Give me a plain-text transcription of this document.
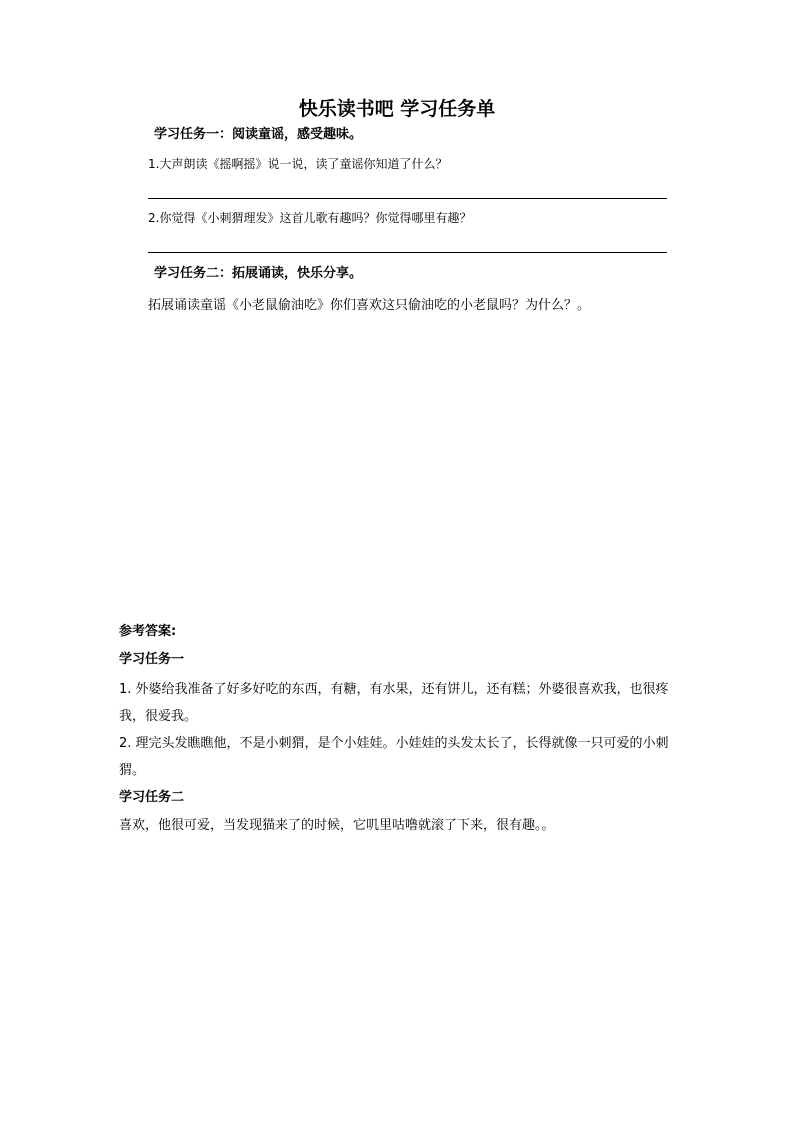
快乐读书吧 学习任务单
学习任务一：阅读童谣，感受趣味。
1.大声朗读《摇啊摇》说一说，读了童谣你知道了什么？
2.你觉得《小刺猬理发》这首儿歌有趣吗？你觉得哪里有趣？
学习任务二：拓展诵读，快乐分享。
拓展诵读童谣《小老鼠偷油吃》你们喜欢这只偷油吃的小老鼠吗？为什么？。
参考答案:
学习任务一
1. 外婆给我准备了好多好吃的东西，有糖，有水果，还有饼儿，还有糕；外婆很喜欢我，也很疼我，很爱我。
2. 理完头发瞧瞧他，不是小刺猬，是个小娃娃。小娃娃的头发太长了，长得就像一只可爱的小刺猬。
学习任务二
喜欢，他很可爱，当发现猫来了的时候，它叽里咕噜就滚了下来，很有趣。。
